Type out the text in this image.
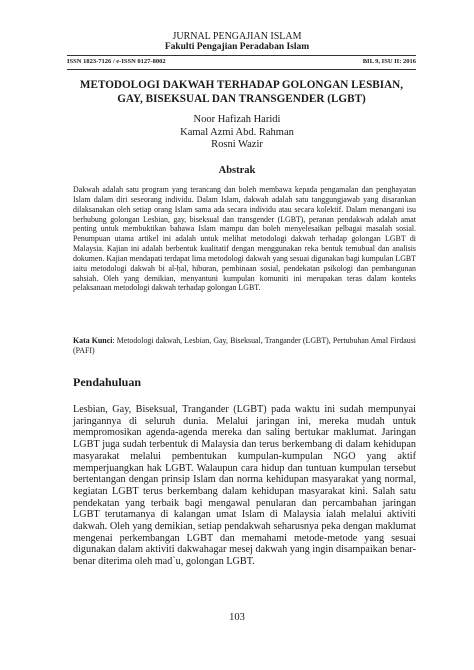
JURNAL PENGAJIAN ISLAM
Fakulti Pengajian Peradaban Islam
ISSN 1823-7126 / e-ISSN 0127-8002	BIL 9, ISU II: 2016
METODOLOGI DAKWAH TERHADAP GOLONGAN LESBIAN, GAY, BISEKSUAL DAN TRANSGENDER (LGBT)
Noor Hafizah Haridi
Kamal Azmi Abd. Rahman
Rosni Wazir
Abstrak

Dakwah adalah satu program yang terancang dan boleh membawa kepada pengamalan dan penghayatan Islam dalam diri seseorang individu. Dalam Islam, dakwah adalah satu tanggungjawab yang disarankan dilaksanakan oleh setiap orang Islam sama ada secara individu atau secara kolektif. Dalam menangani isu berhubung golongan Lesbian, gay, biseksual dan transgender (LGBT), peranan pendakwah adalah amat penting untuk membuktikan bahawa Islam mampu dan boleh menyelesaikan pelbagai masalah sosial. Penumpuan utama artikel ini adalah untuk melihat metodologi dakwah terhadap golongan LGBT di Malaysia. Kajian ini adalah berbentuk kualitatif dengan menggunakan reka bentuk temubual dan analisis dokumen. Kajian mendapati terdapat lima metodologi dakwah yang sesuai digunakan bagi kumpulan LGBT iaitu metodologi dakwah bi al-ḥal, hiburan, pembinaan sosial, pendekatan psikologi dan pembangunan sahsiah. Oleh yang demikian, menyantuni kumpulan komuniti ini merupakan teras dalam konteks pelaksanaan metodologi dakwah terhadap golongan LGBT.

Kata Kunci: Metodologi dakwah, Lesbian, Gay, Biseksual, Trangander (LGBT), Pertubuhan Amal Firdausi (PAFI)

Pendahuluan

Lesbian, Gay, Biseksual, Trangander (LGBT) pada waktu ini sudah mempunyai jaringannya di seluruh dunia. Melalui jaringan ini, mereka mudah untuk mempromosikan agenda-agenda mereka dan saling bertukar maklumat. Jaringan LGBT juga sudah terbentuk di Malaysia dan terus berkembang di dalam kehidupan masyarakat melalui pembentukan kumpulan-kumpulan NGO yang aktif memperjuangkan hak LGBT. Walaupun cara hidup dan tuntuan kumpulan tersebut bertentangan dengan prinsip Islam dan norma kehidupan masyarakat yang normal, kegiatan LGBT terus berkembang dalam kehidupan masyarakat kini. Salah satu pendekatan yang terbaik bagi mengawal penularan dan percambahan jaringan LGBT terutamanya di kalangan umat Islam di Malaysia ialah melalui aktiviti dakwah. Oleh yang demikian, setiap pendakwah seharusnya peka dengan maklumat mengenai perkembangan LGBT dan memahami metode-metode yang sesuai digunakan dalam aktiviti dakwahagar mesej dakwah yang ingin disampaikan benar-benar diterima oleh mad`u, golongan LGBT.

103
